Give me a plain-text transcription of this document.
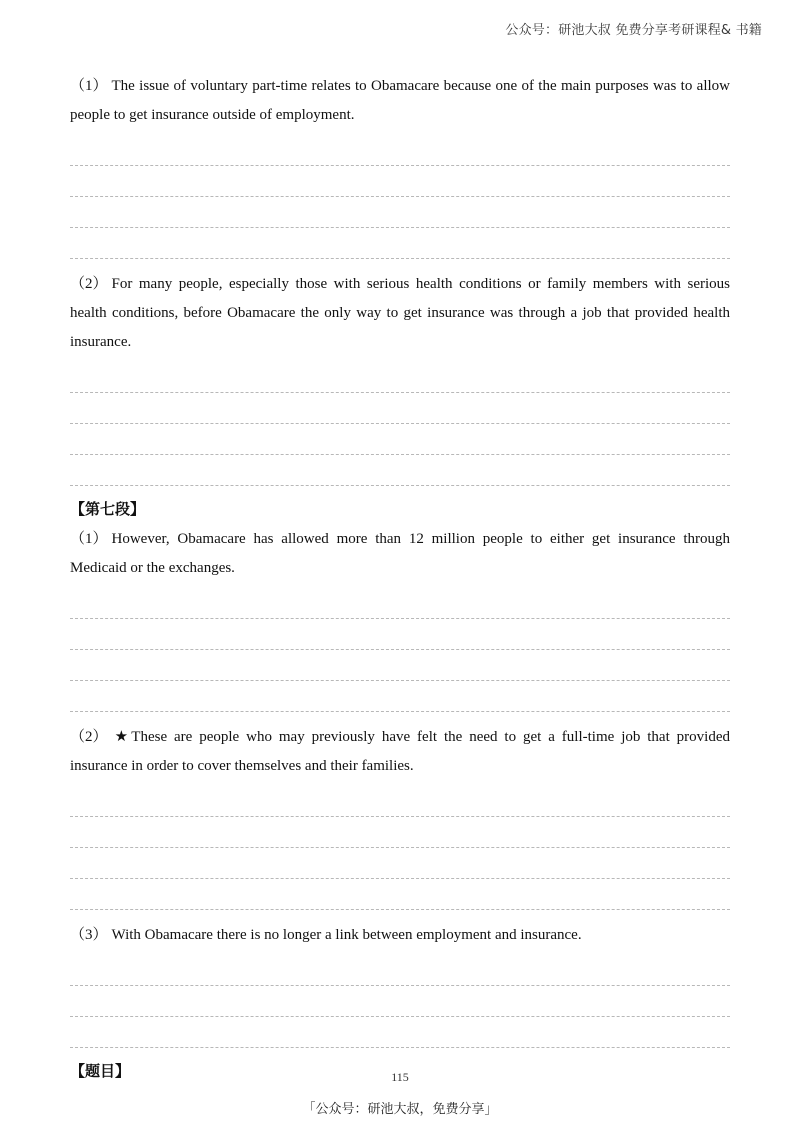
公众号：研池大叔 免费分享考研课程& 书籍

（1） The issue of voluntary part-time relates to Obamacare because one of the main purposes was to allow people to get insurance outside of employment.

（2） For many people, especially those with serious health conditions or family members with serious health conditions, before Obamacare the only way to get insurance was through a job that provided health insurance.

【第七段】

（1） However, Obamacare has allowed more than 12 million people to either get insurance through Medicaid or the exchanges.

（2） ★These are people who may previously have felt the need to get a full-time job that provided insurance in order to cover themselves and their families.

（3） With Obamacare there is no longer a link between employment and insurance.

【题目】	115
「公众号：研池大叔，免费分享」
